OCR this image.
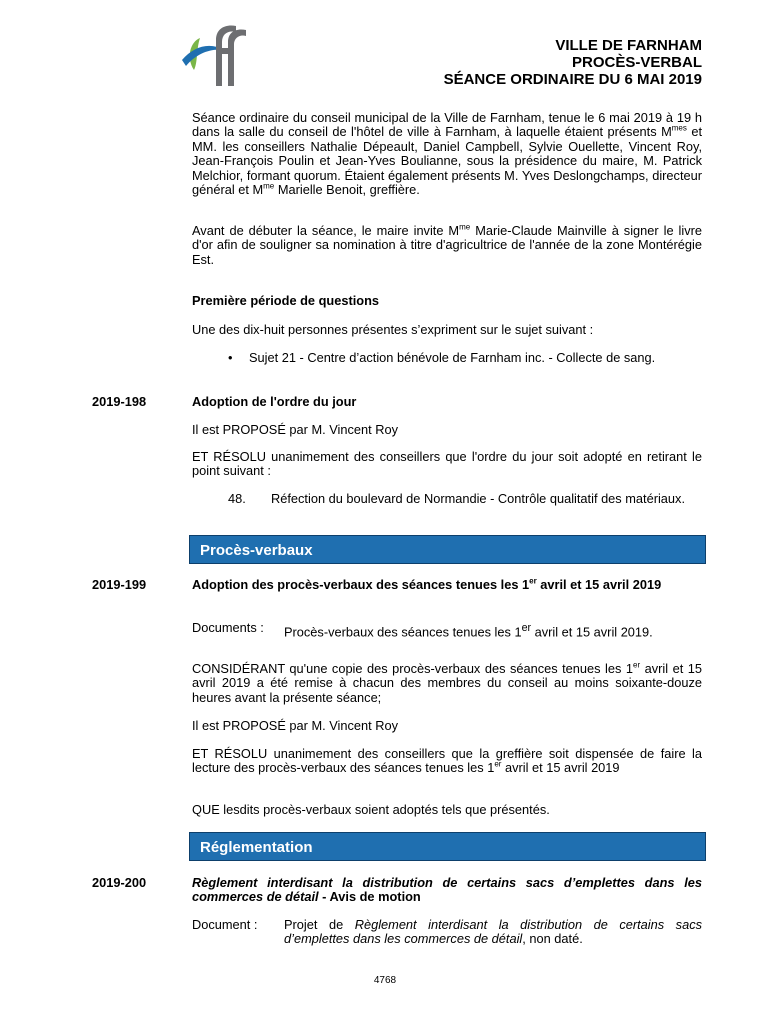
VILLE DE FARNHAM
PROCÈS-VERBAL
SÉANCE ORDINAIRE DU 6 MAI 2019
Séance ordinaire du conseil municipal de la Ville de Farnham, tenue le 6 mai 2019 à 19 h dans la salle du conseil de l'hôtel de ville à Farnham, à laquelle étaient présents $M^{mes}$ et MM. les conseillers Nathalie Dépeault, Daniel Campbell, Sylvie Ouellette, Vincent Roy, Jean-François Poulin et Jean-Yves Boulianne, sous la présidence du maire, M. Patrick Melchior, formant quorum. Étaient également présents M. Yves Deslongchamps, directeur général et $M^{me}$ Marielle Benoit, greffière.
Avant de débuter la séance, le maire invite $M^{me}$ Marie-Claude Mainville à signer le livre d'or afin de souligner sa nomination à titre d'agricultrice de l'année de la zone Montérégie Est.
Première période de questions
Une des dix-huit personnes présentes s’expriment sur le sujet suivant :
• Sujet 21 - Centre d’action bénévole de Farnham inc. - Collecte de sang.
2019-198	Adoption de l'ordre du jour
Il est PROPOSÉ par M. Vincent Roy
ET RÉSOLU unanimement des conseillers que l'ordre du jour soit adopté en retirant le point suivant :
48. Réfection du boulevard de Normandie - Contrôle qualitatif des matériaux.
Procès-verbaux
2019-199	Adoption des procès-verbaux des séances tenues les 1er avril et 15 avril 2019
Documents : Procès-verbaux des séances tenues les 1er avril et 15 avril 2019.
CONSIDÉRANT qu'une copie des procès-verbaux des séances tenues les 1er avril et 15 avril 2019 a été remise à chacun des membres du conseil au moins soixante-douze heures avant la présente séance;
Il est PROPOSÉ par M. Vincent Roy
ET RÉSOLU unanimement des conseillers que la greffière soit dispensée de faire la lecture des procès-verbaux des séances tenues les 1er avril et 15 avril 2019
QUE lesdits procès-verbaux soient adoptés tels que présentés.
Réglementation
2019-200	Règlement interdisant la distribution de certains sacs d’emplettes dans les commerces de détail - Avis de motion
Document : Projet de Règlement interdisant la distribution de certains sacs d’emplettes dans les commerces de détail, non daté.
4768
